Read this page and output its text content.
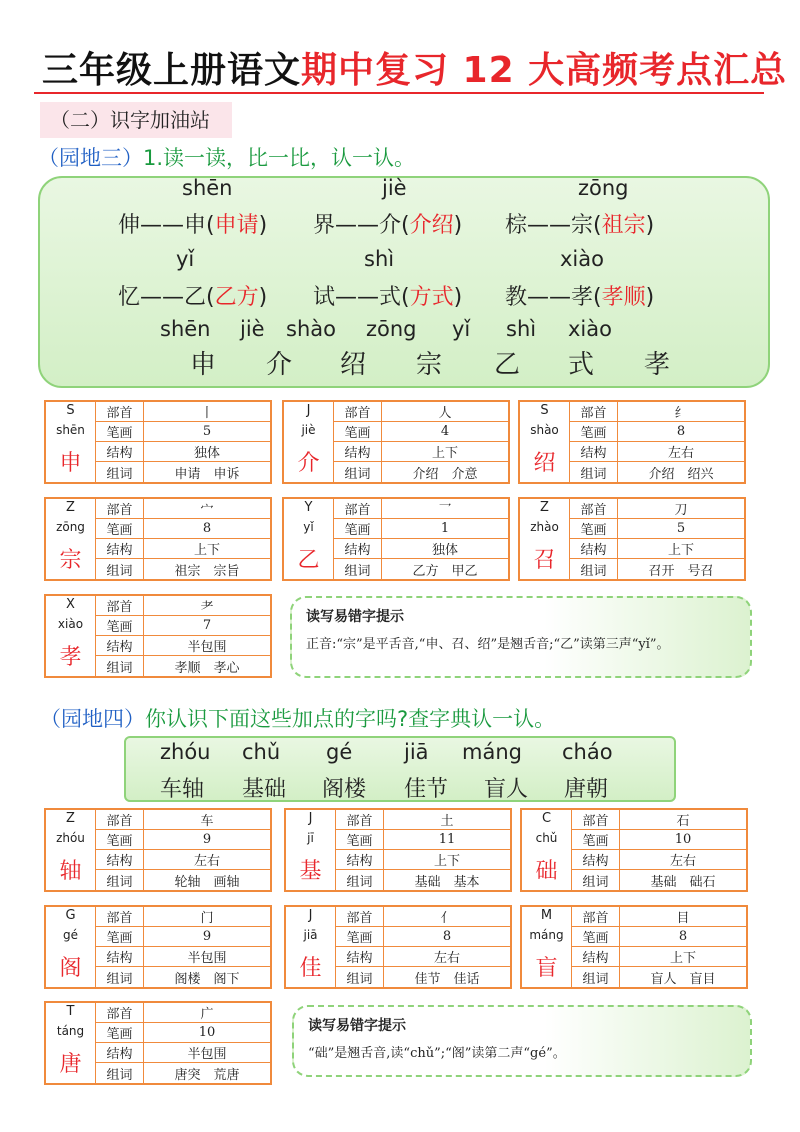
三年级上册语文期中复习 12 大高频考点汇总
（二）识字加油站
（园地三）1.读一读，比一比，认一认。
shēn	jiè	zōng
伸——申(申请) 界——介(介绍) 棕——宗(祖宗)
yǐ	shì	xiào
忆——乙(乙方) 试——式(方式) 教——孝(孝顺)
shēn jiè shào zōng yǐ shì xiào
申 介 绍 宗 乙 式 孝
S
shēn
申
部首	丨
笔画	5
结构	独体
组词	申请　申诉
J
jiè
介
部首	人
笔画	4
结构	上下
组词	介绍　介意
S
shào
绍
部首	纟
笔画	8
结构	左右
组词	介绍　绍兴
Z
zōng
宗
部首	宀
笔画	8
结构	上下
组词	祖宗　宗旨
Y
yǐ
乙
部首	乛
笔画	1
结构	独体
组词	乙方　甲乙
Z
zhào
召
部首	刀
笔画	5
结构	上下
组词	召开　号召
X
xiào
孝
部首	耂
笔画	7
结构	半包围
组词	孝顺　孝心
读写易错字提示
正音:“宗”是平舌音,“申、召、绍”是翘舌音;“乙”读第三声“yǐ”。
（园地四）你认识下面这些加点的字吗?查字典认一认。
zhóu chǔ gé jiā máng cháo
车轴 基础 阁楼 佳节 盲人 唐朝
Z
zhóu
轴
部首	车
笔画	9
结构	左右
组词	轮轴　画轴
J
jī
基
部首	土
笔画	11
结构	上下
组词	基础　基本
C
chǔ
础
部首	石
笔画	10
结构	左右
组词	基础　础石
G
gé
阁
部首	门
笔画	9
结构	半包围
组词	阁楼　阁下
J
jiā
佳
部首	亻
笔画	8
结构	左右
组词	佳节　佳话
M
máng
盲
部首	目
笔画	8
结构	上下
组词	盲人　盲目
T
táng
唐
部首	广
笔画	10
结构	半包围
组词	唐突　荒唐
读写易错字提示
“础”是翘舌音,读“chǔ”;“阁”读第二声“gé”。
